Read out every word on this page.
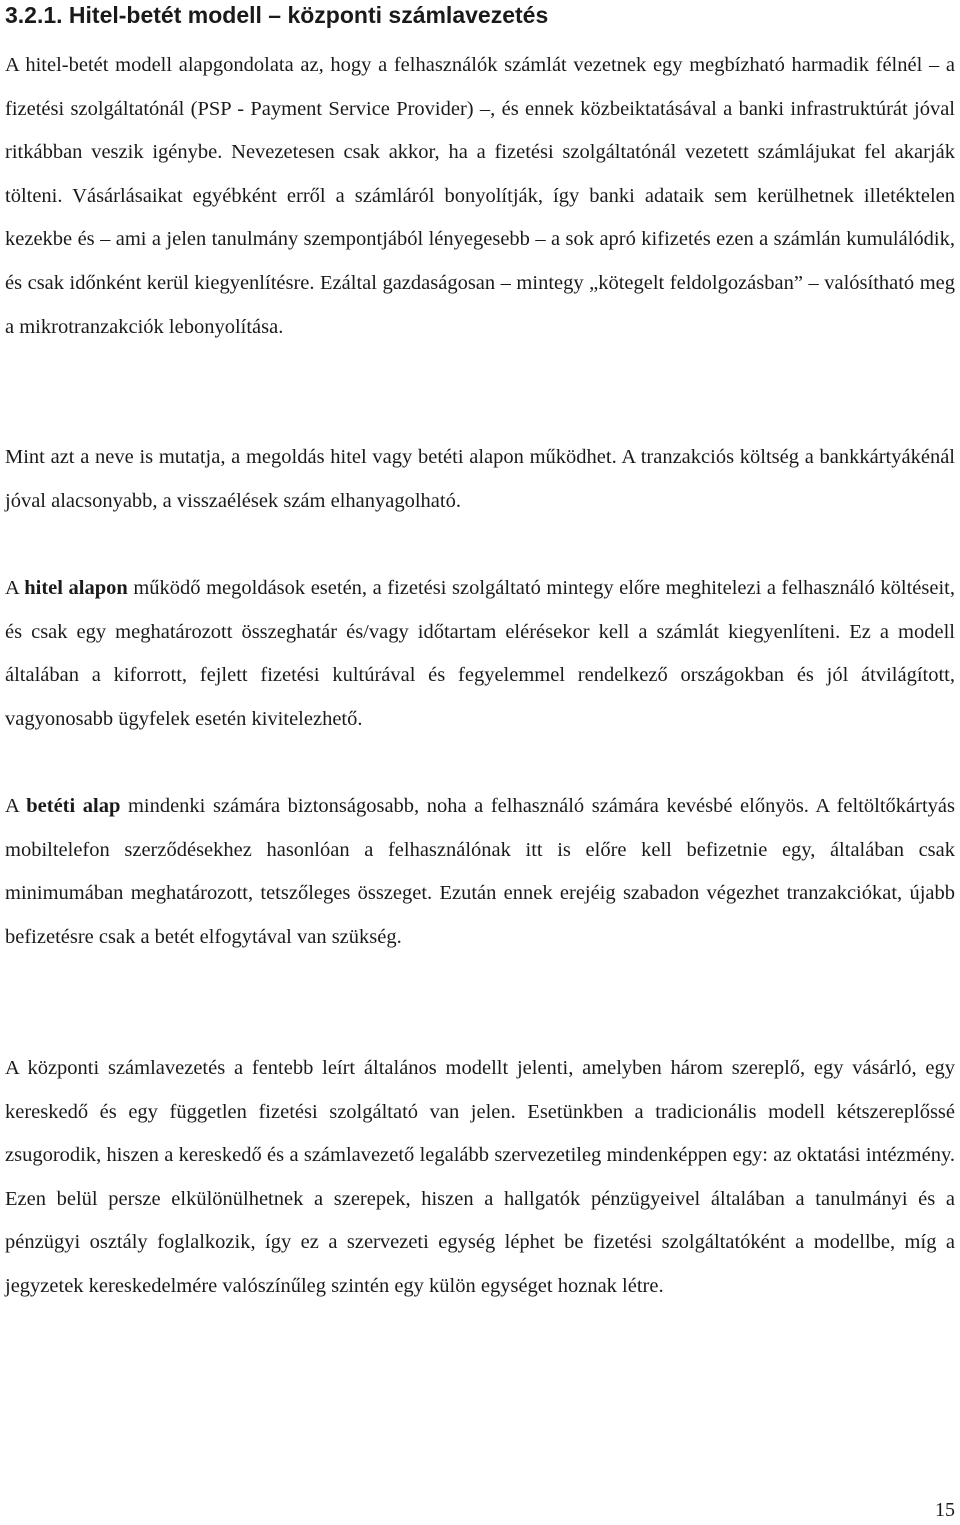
3.2.1. Hitel-betét modell – központi számlavezetés

A hitel-betét modell alapgondolata az, hogy a felhasználók számlát vezetnek egy megbízható harmadik félnél – a fizetési szolgáltatónál (PSP - Payment Service Provider) –, és ennek közbeiktatásával a banki infrastruktúrát jóval ritkábban veszik igénybe. Nevezetesen csak akkor, ha a fizetési szolgáltatónál vezetett számlájukat fel akarják tölteni. Vásárlásaikat egyébként erről a számláról bonyolítják, így banki adataik sem kerülhetnek illetéktelen kezekbe és – ami a jelen tanulmány szempontjából lényegesebb – a sok apró kifizetés ezen a számlán kumulálódik, és csak időnként kerül kiegyenlítésre. Ezáltal gazdaságosan – mintegy „kötegelt feldolgozásban” – valósítható meg a mikrotranzakciók lebonyolítása.

Mint azt a neve is mutatja, a megoldás hitel vagy betéti alapon működhet. A tranzakciós költség a bankkártyákénál jóval alacsonyabb, a visszaélések szám elhanyagolható.

A hitel alapon működő megoldások esetén, a fizetési szolgáltató mintegy előre meghitelezi a felhasználó költéseit, és csak egy meghatározott összeghatár és/vagy időtartam elérésekor kell a számlát kiegyenlíteni. Ez a modell általában a kiforrott, fejlett fizetési kultúrával és fegyelemmel rendelkező országokban és jól átvilágított, vagyonosabb ügyfelek esetén kivitelezhető.

A betéti alap mindenki számára biztonságosabb, noha a felhasználó számára kevésbé előnyös. A feltöltőkártyás mobiltelefon szerződésekhez hasonlóan a felhasználónak itt is előre kell befizetnie egy, általában csak minimumában meghatározott, tetszőleges összeget. Ezután ennek erejéig szabadon végezhet tranzakciókat, újabb befizetésre csak a betét elfogytával van szükség.

A központi számlavezetés a fentebb leírt általános modellt jelenti, amelyben három szereplő, egy vásárló, egy kereskedő és egy független fizetési szolgáltató van jelen. Esetünkben a tradicionális modell kétszereplőssé zsugorodik, hiszen a kereskedő és a számlavezető legalább szervezetileg mindenképpen egy: az oktatási intézmény. Ezen belül persze elkülönülhetnek a szerepek, hiszen a hallgatók pénzügyeivel általában a tanulmányi és a pénzügyi osztály foglalkozik, így ez a szervezeti egység léphet be fizetési szolgáltatóként a modellbe, míg a jegyzetek kereskedelmére valószínűleg szintén egy külön egységet hoznak létre.

15
